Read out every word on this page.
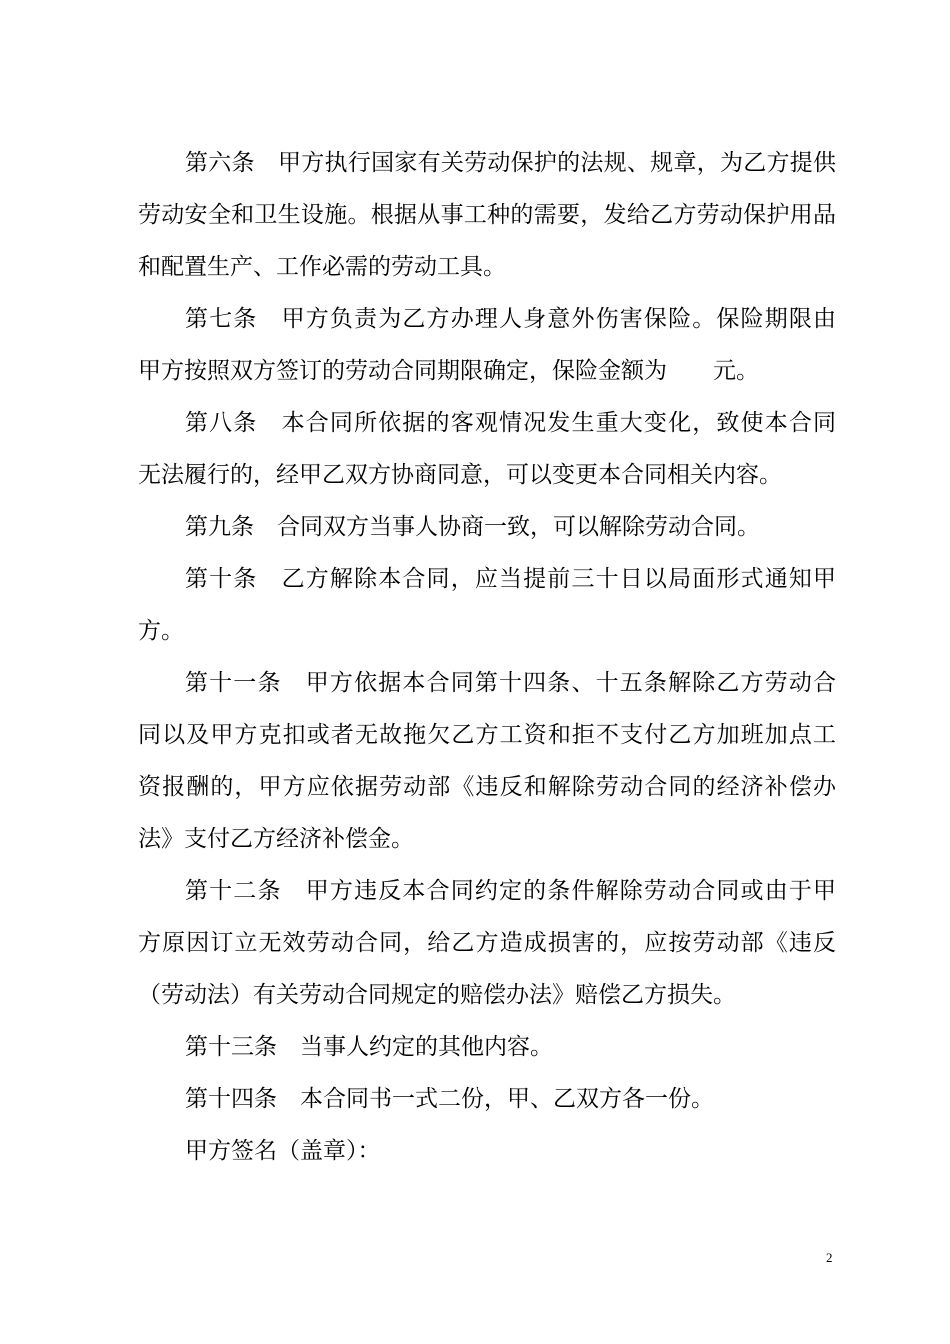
第六条　甲方执行国家有关劳动保护的法规、规章，为乙方提供
劳动安全和卫生设施。根据从事工种的需要，发给乙方劳动保护用品
和配置生产、工作必需的劳动工具。
第七条　甲方负责为乙方办理人身意外伤害保险。保险期限由
甲方按照双方签订的劳动合同期限确定，保险金额为　　元。
第八条　本合同所依据的客观情况发生重大变化，致使本合同
无法履行的，经甲乙双方协商同意，可以变更本合同相关内容。
第九条　合同双方当事人协商一致，可以解除劳动合同。
第十条　乙方解除本合同，应当提前三十日以局面形式通知甲
方。
第十一条　甲方依据本合同第十四条、十五条解除乙方劳动合
同以及甲方克扣或者无故拖欠乙方工资和拒不支付乙方加班加点工
资报酬的，甲方应依据劳动部《违反和解除劳动合同的经济补偿办
法》支付乙方经济补偿金。
第十二条　甲方违反本合同约定的条件解除劳动合同或由于甲
方原因订立无效劳动合同，给乙方造成损害的，应按劳动部《违反
（劳动法）有关劳动合同规定的赔偿办法》赔偿乙方损失。
第十三条　当事人约定的其他内容。
第十四条　本合同书一式二份，甲、乙双方各一份。
甲方签名（盖章）：
2
